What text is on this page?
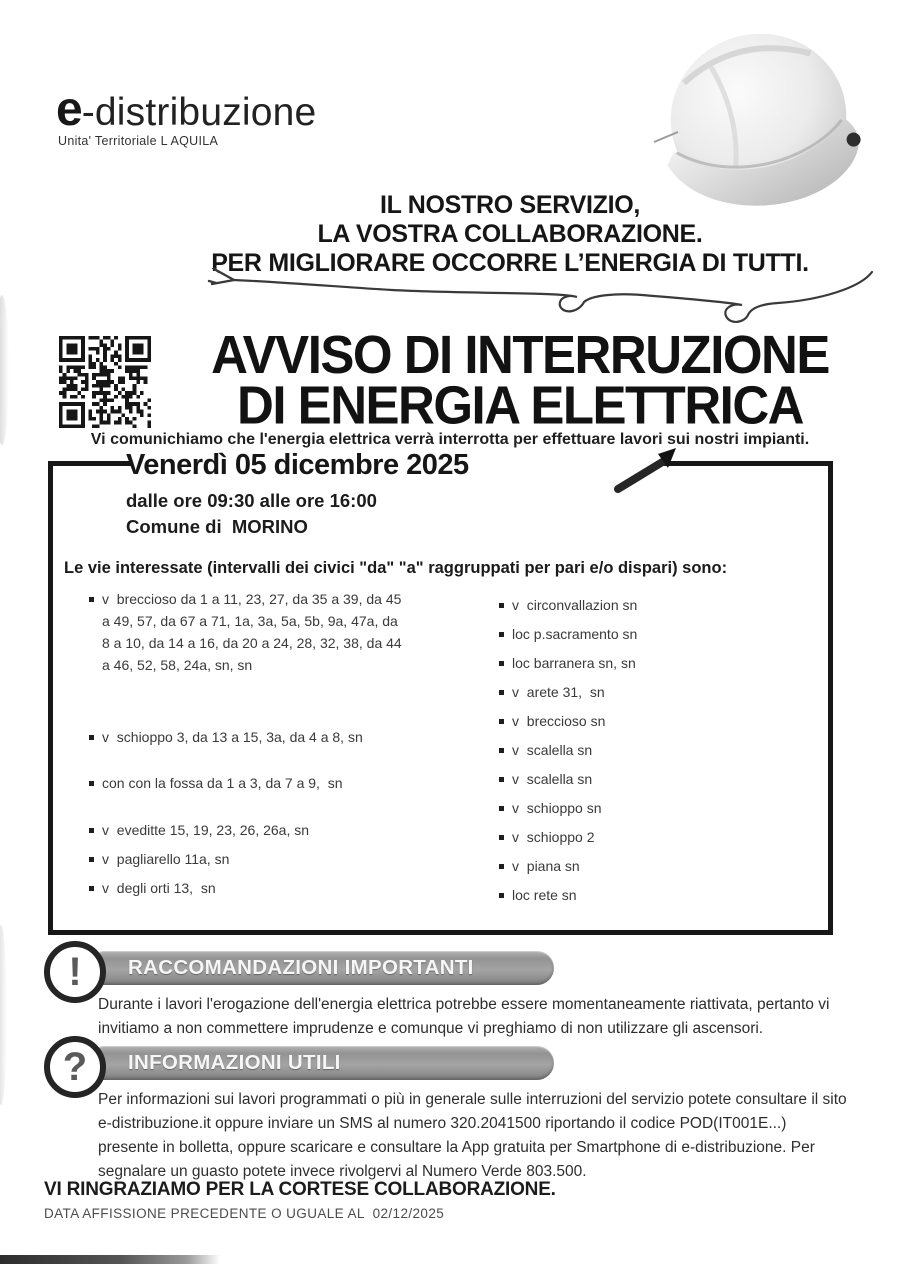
e -distribuzione
Unita' Territoriale L AQUILA
IL NOSTRO SERVIZIO,
LA VOSTRA COLLABORAZIONE.
PER MIGLIORARE OCCORRE L’ENERGIA DI TUTTI.
AVVISO DI INTERRUZIONE
DI ENERGIA ELETTRICA
Vi comunichiamo che l'energia elettrica verrà interrotta per effettuare lavori sui nostri impianti.
Venerdì 05 dicembre 2025
dalle ore 09:30 alle ore 16:00
Comune di  MORINO
Le vie interessate (intervalli dei civici "da" "a" raggruppati per pari e/o dispari) sono:
v  breccioso da 1 a 11, 23, 27, da 35 a 39, da 45 a 49, 57, da 67 a 71, 1a, 3a, 5a, 5b, 9a, 47a, da 8 a 10, da 14 a 16, da 20 a 24, 28, 32, 38, da 44 a 46, 52, 58, 24a, sn, sn
v  schioppo 3, da 13 a 15, 3a, da 4 a 8, sn
con con la fossa da 1 a 3, da 7 a 9,  sn
v  eveditte 15, 19, 23, 26, 26a, sn
v  pagliarello 11a, sn
v  degli orti 13,  sn
v  circonvallazion sn
loc p.sacramento sn
loc barranera sn, sn
v  arete 31,  sn
v  breccioso sn
v  scalella sn
v  scalella sn
v  schioppo sn
v  schioppo 2
v  piana sn
loc rete sn
!	RACCOMANDAZIONI IMPORTANTI
Durante i lavori l'erogazione dell'energia elettrica potrebbe essere momentaneamente riattivata, pertanto vi invitiamo a non commettere imprudenze e comunque vi preghiamo di non utilizzare gli ascensori.
?	INFORMAZIONI UTILI
Per informazioni sui lavori programmati o più in generale sulle interruzioni del servizio potete consultare il sito e-distribuzione.it oppure inviare un SMS al numero 320.2041500 riportando il codice POD(IT001E...) presente in bolletta, oppure scaricare e consultare la App gratuita per Smartphone di e-distribuzione. Per segnalare un guasto potete invece rivolgervi al Numero Verde 803.500.
VI RINGRAZIAMO PER LA CORTESE COLLABORAZIONE.
DATA AFFISSIONE PRECEDENTE O UGUALE AL  02/12/2025
